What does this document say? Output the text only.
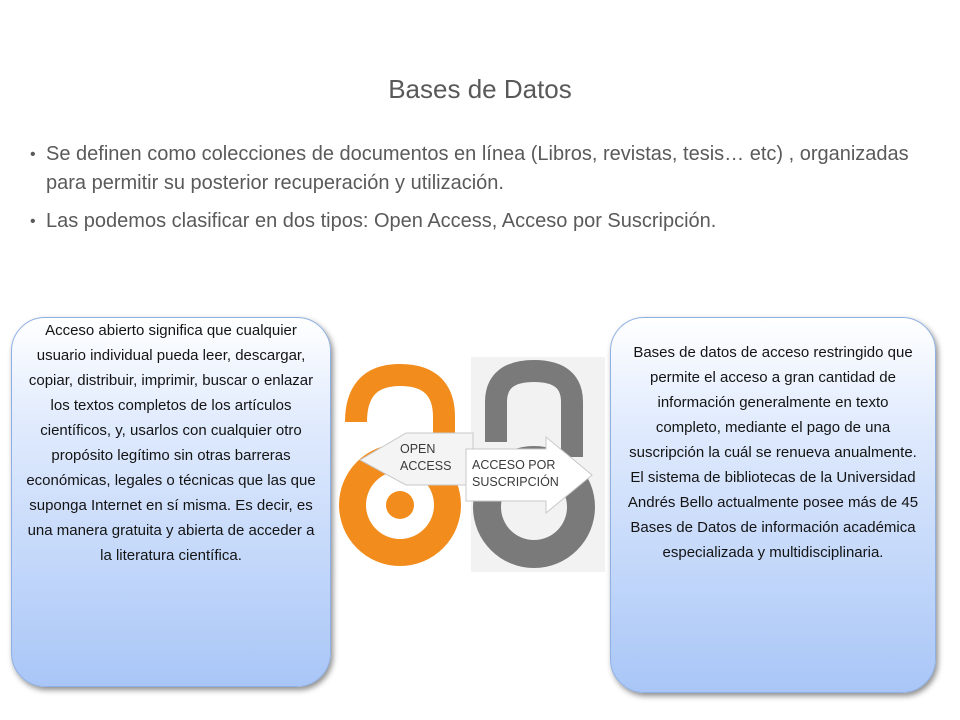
Bases de Datos
• Se definen como colecciones de documentos en línea (Libros, revistas, tesis… etc) , organizadas para permitir su posterior recuperación y utilización.
• Las podemos clasificar en dos tipos: Open Access, Acceso por Suscripción.
Acceso abierto significa que cualquier usuario individual pueda leer, descargar, copiar, distribuir, imprimir, buscar o enlazar los textos completos de los artículos científicos, y, usarlos con cualquier otro propósito legítimo sin otras barreras económicas, legales o técnicas que las que suponga Internet en sí misma. Es decir, es una manera gratuita y abierta de acceder a la literatura científica.
OPEN
ACCESS ACCESO POR
SUSCRIPCIÓN
Bases de datos de acceso restringido que permite el acceso a gran cantidad de información generalmente en texto completo, mediante el pago de una suscripción la cuál se renueva anualmente. El sistema de bibliotecas de la Universidad Andrés Bello actualmente posee más de 45 Bases de Datos de información académica especializada y multidisciplinaria.
